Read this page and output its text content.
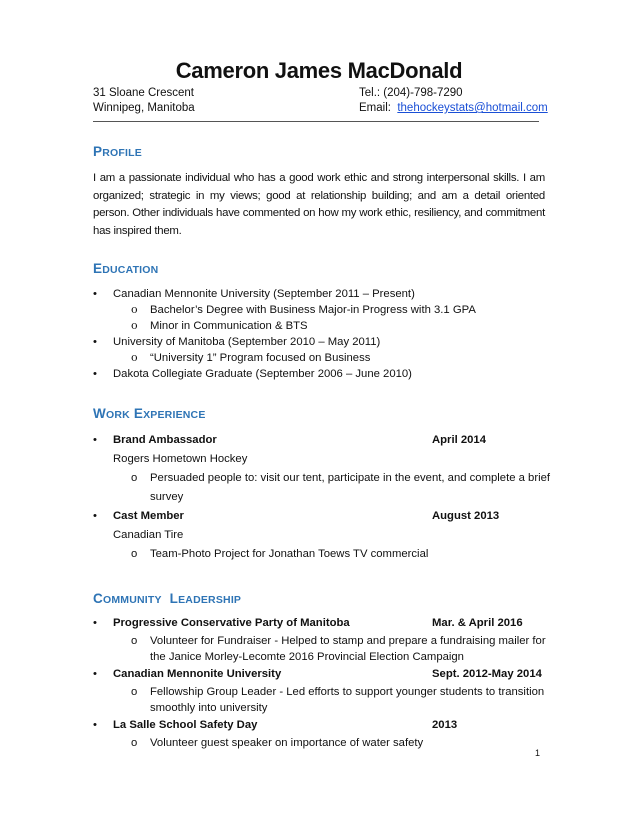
Cameron James MacDonald
31 Sloane Crescent
Winnipeg, Manitoba
Tel.: (204)-798-7290
Email: thehockeystats@hotmail.com
PROFILE
I am a passionate individual who has a good work ethic and strong interpersonal skills. I am organized; strategic in my views; good at relationship building; and am a detail oriented person. Other individuals have commented on how my work ethic, resiliency, and commitment has inspired them.
EDUCATION
• Canadian Mennonite University (September 2011 – Present)
o Bachelor’s Degree with Business Major-in Progress with 3.1 GPA
o Minor in Communication & BTS
• University of Manitoba (September 2010 – May 2011)
o “University 1” Program focused on Business
• Dakota Collegiate Graduate (September 2006 – June 2010)
WORK EXPERIENCE
• Brand Ambassador	April 2014
Rogers Hometown Hockey
o Persuaded people to: visit our tent, participate in the event, and complete a brief
survey
• Cast Member	August 2013
Canadian Tire
o Team-Photo Project for Jonathan Toews TV commercial
COMMUNITY LEADERSHIP
• Progressive Conservative Party of Manitoba	Mar. & April 2016
o Volunteer for Fundraiser - Helped to stamp and prepare a fundraising mailer for
the Janice Morley-Lecomte 2016 Provincial Election Campaign
• Canadian Mennonite University	Sept. 2012-May 2014
o Fellowship Group Leader - Led efforts to support younger students to transition
smoothly into university
• La Salle School Safety Day	2013
o Volunteer guest speaker on importance of water safety
1
